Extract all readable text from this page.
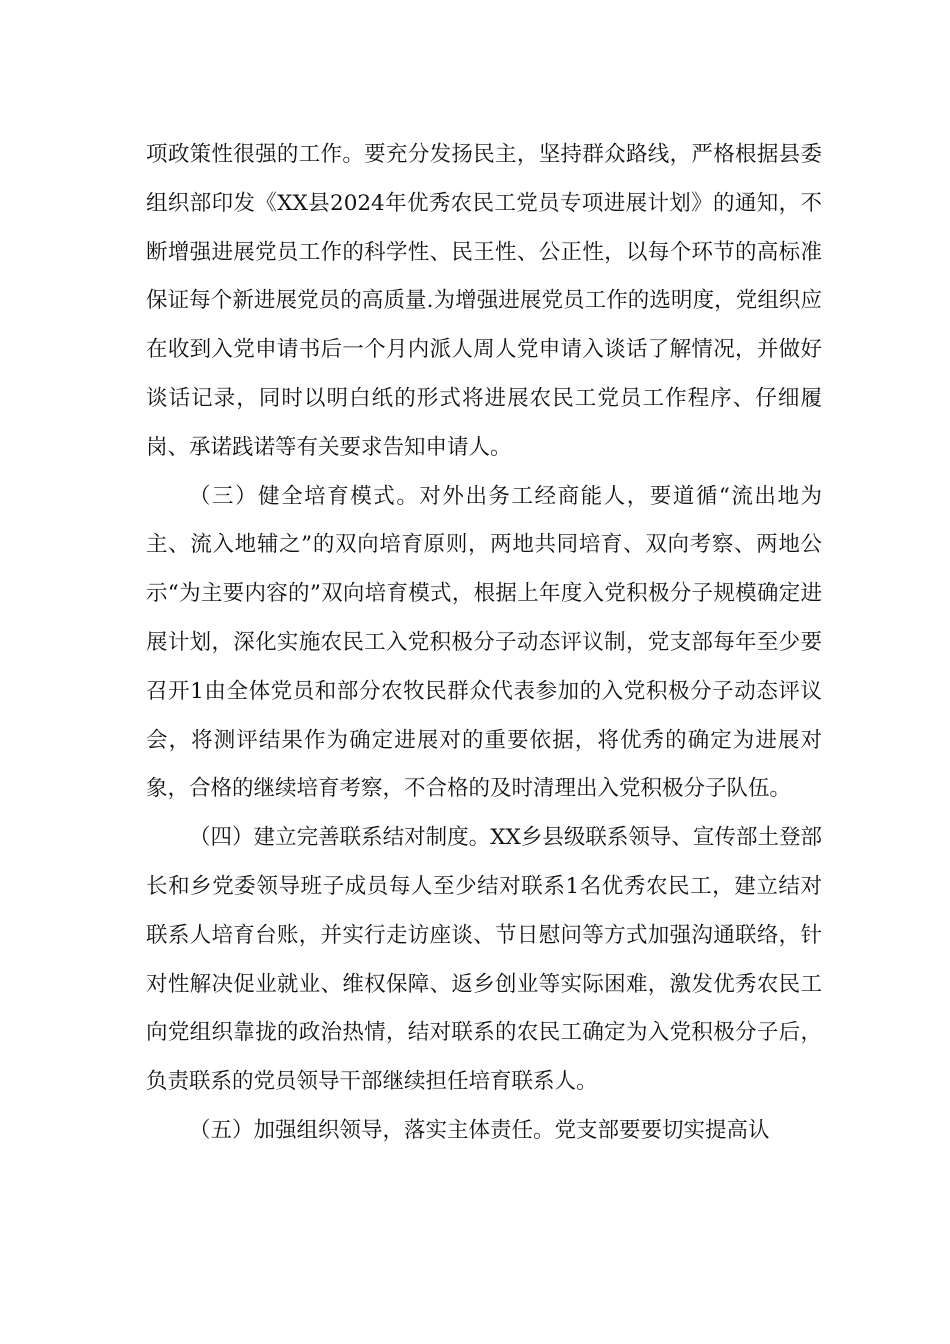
项政策性很强的工作。要充分发扬民主，坚持群众路线，严格根据县委组织部印发《XX县2024年优秀农民工党员专项进展计划》的通知，不断增强进展党员工作的科学性、民王性、公正性，以每个环节的高标准保证每个新进展党员的高质量.为增强进展党员工作的选明度，党组织应在收到入党申请书后一个月内派人周人党申请入谈话了解情况，并做好谈话记录，同时以明白纸的形式将进展农民工党员工作程序、仔细履岗、承诺践诺等有关要求告知申请人。

（三）健全培育模式。对外出务工经商能人，要道循“流出地为主、流入地辅之”的双向培育原则，两地共同培育、双向考察、两地公示“为主要内容的”双向培育模式，根据上年度入党积极分子规模确定进展计划，深化实施农民工入党积极分子动态评议制，党支部每年至少要召开1由全体党员和部分农牧民群众代表参加的入党积极分子动态评议会，将测评结果作为确定进展对的重要依据，将优秀的确定为进展对象，合格的继续培育考察，不合格的及时清理出入党积极分子队伍。

（四）建立完善联系结对制度。XX乡县级联系领导、宣传部土登部长和乡党委领导班子成员每人至少结对联系1名优秀农民工，建立结对联系人培育台账，并实行走访座谈、节日慰问等方式加强沟通联络，针对性解决促业就业、维权保障、返乡创业等实际困难，激发优秀农民工向党组织靠拢的政治热情，结对联系的农民工确定为入党积极分子后，负责联系的党员领导干部继续担任培育联系人。

（五）加强组织领导，落实主体责任。党支部要要切实提高认
